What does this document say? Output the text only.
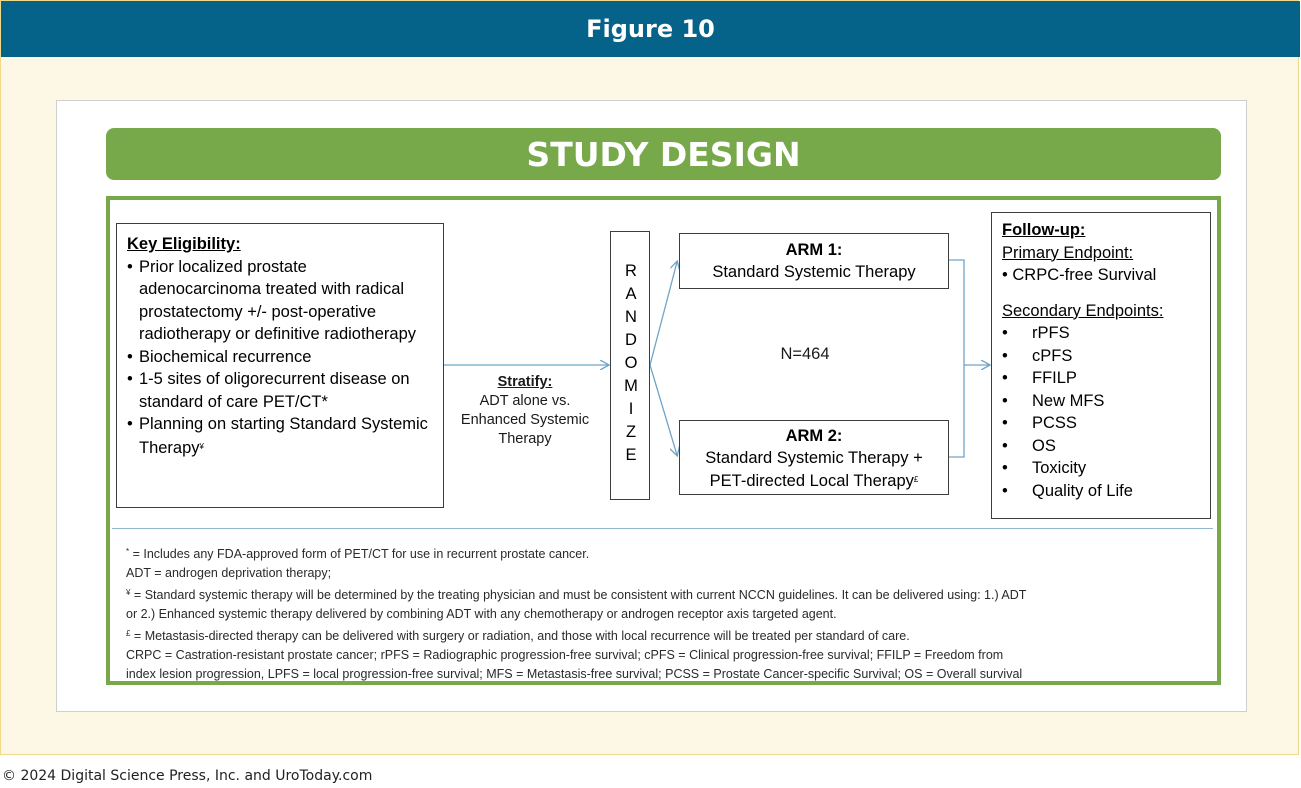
Figure 10
STUDY DESIGN
Key Eligibility:
• Prior localized prostate adenocarcinoma treated with radical prostatectomy +/- post-operative radiotherapy or definitive radiotherapy
• Biochemical recurrence
• 1-5 sites of oligorecurrent disease on standard of care PET/CT*
• Planning on starting Standard Systemic Therapy¥
Stratify:
ADT alone vs.
Enhanced Systemic
Therapy
R
A
N
D
O
M
I
Z
E
ARM 1:
Standard Systemic Therapy
N=464
ARM 2:
Standard Systemic Therapy +
PET-directed Local Therapy£
Follow-up:
Primary Endpoint:
• CRPC-free Survival
Secondary Endpoints:
• rPFS
• cPFS
• FFILP
• New MFS
• PCSS
• OS
• Toxicity
• Quality of Life
* = Includes any FDA-approved form of PET/CT for use in recurrent prostate cancer.
ADT = androgen deprivation therapy;
¥ = Standard systemic therapy will be determined by the treating physician and must be consistent with current NCCN guidelines. It can be delivered using: 1.) ADT
or 2.) Enhanced systemic therapy delivered by combining ADT with any chemotherapy or androgen receptor axis targeted agent.
£ = Metastasis-directed therapy can be delivered with surgery or radiation, and those with local recurrence will be treated per standard of care.
CRPC = Castration-resistant prostate cancer; rPFS = Radiographic progression-free survival; cPFS = Clinical progression-free survival; FFILP = Freedom from
index lesion progression, LPFS = local progression-free survival; MFS = Metastasis-free survival; PCSS = Prostate Cancer-specific Survival; OS = Overall survival
© 2024 Digital Science Press, Inc. and UroToday.com
